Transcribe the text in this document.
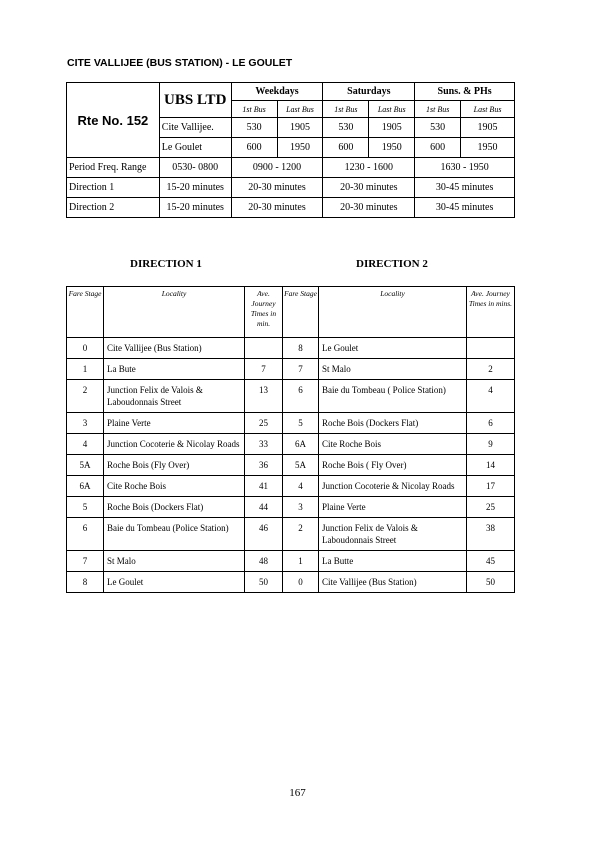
CITE VALLIJEE (BUS STATION) - LE GOULET
Rte No. 152	UBS LTD	Weekdays		Saturdays		Suns. & PHs	
		1st Bus	Last Bus	1st Bus	Last Bus	1st Bus	Last Bus
	Cite Vallijee.	530	1905	530	1905	530	1905
	Le Goulet	600	1950	600	1950	600	1950
Period Freq. Range	0530- 0800	0900 - 1200		1230 - 1600		1630 - 1950	
Direction 1	15-20 minutes	20-30 minutes		20-30 minutes		30-45 minutes	
Direction 2	15-20 minutes	20-30 minutes		20-30 minutes		30-45 minutes	
DIRECTION 1	DIRECTION 2
Fare Stage	Locality	Ave. Journey Times in min.	Fare Stage	Locality	Ave. Journey Times in mins.
0	Cite Vallijee (Bus Station)		8	Le Goulet	
1	La Bute	7	7	St Malo	2
2	Junction Felix de Valois & Laboudonnais Street	13	6	Baie du Tombeau ( Police Station)	4
3	Plaine Verte	25	5	Roche Bois (Dockers Flat)	6
4	Junction Cocoterie & Nicolay Roads	33	6A	Cite Roche Bois	9
5A	Roche Bois (Fly Over)	36	5A	Roche Bois ( Fly Over)	14
6A	Cite Roche Bois	41	4	Junction Cocoterie & Nicolay Roads	17
5	Roche Bois (Dockers Flat)	44	3	Plaine Verte	25
6	Baie du Tombeau (Police Station)	46	2	Junction Felix de Valois & Laboudonnais Street	38
7	St Malo	48	1	La Butte	45
8	Le Goulet	50	0	Cite Vallijee (Bus Station)	50
167
